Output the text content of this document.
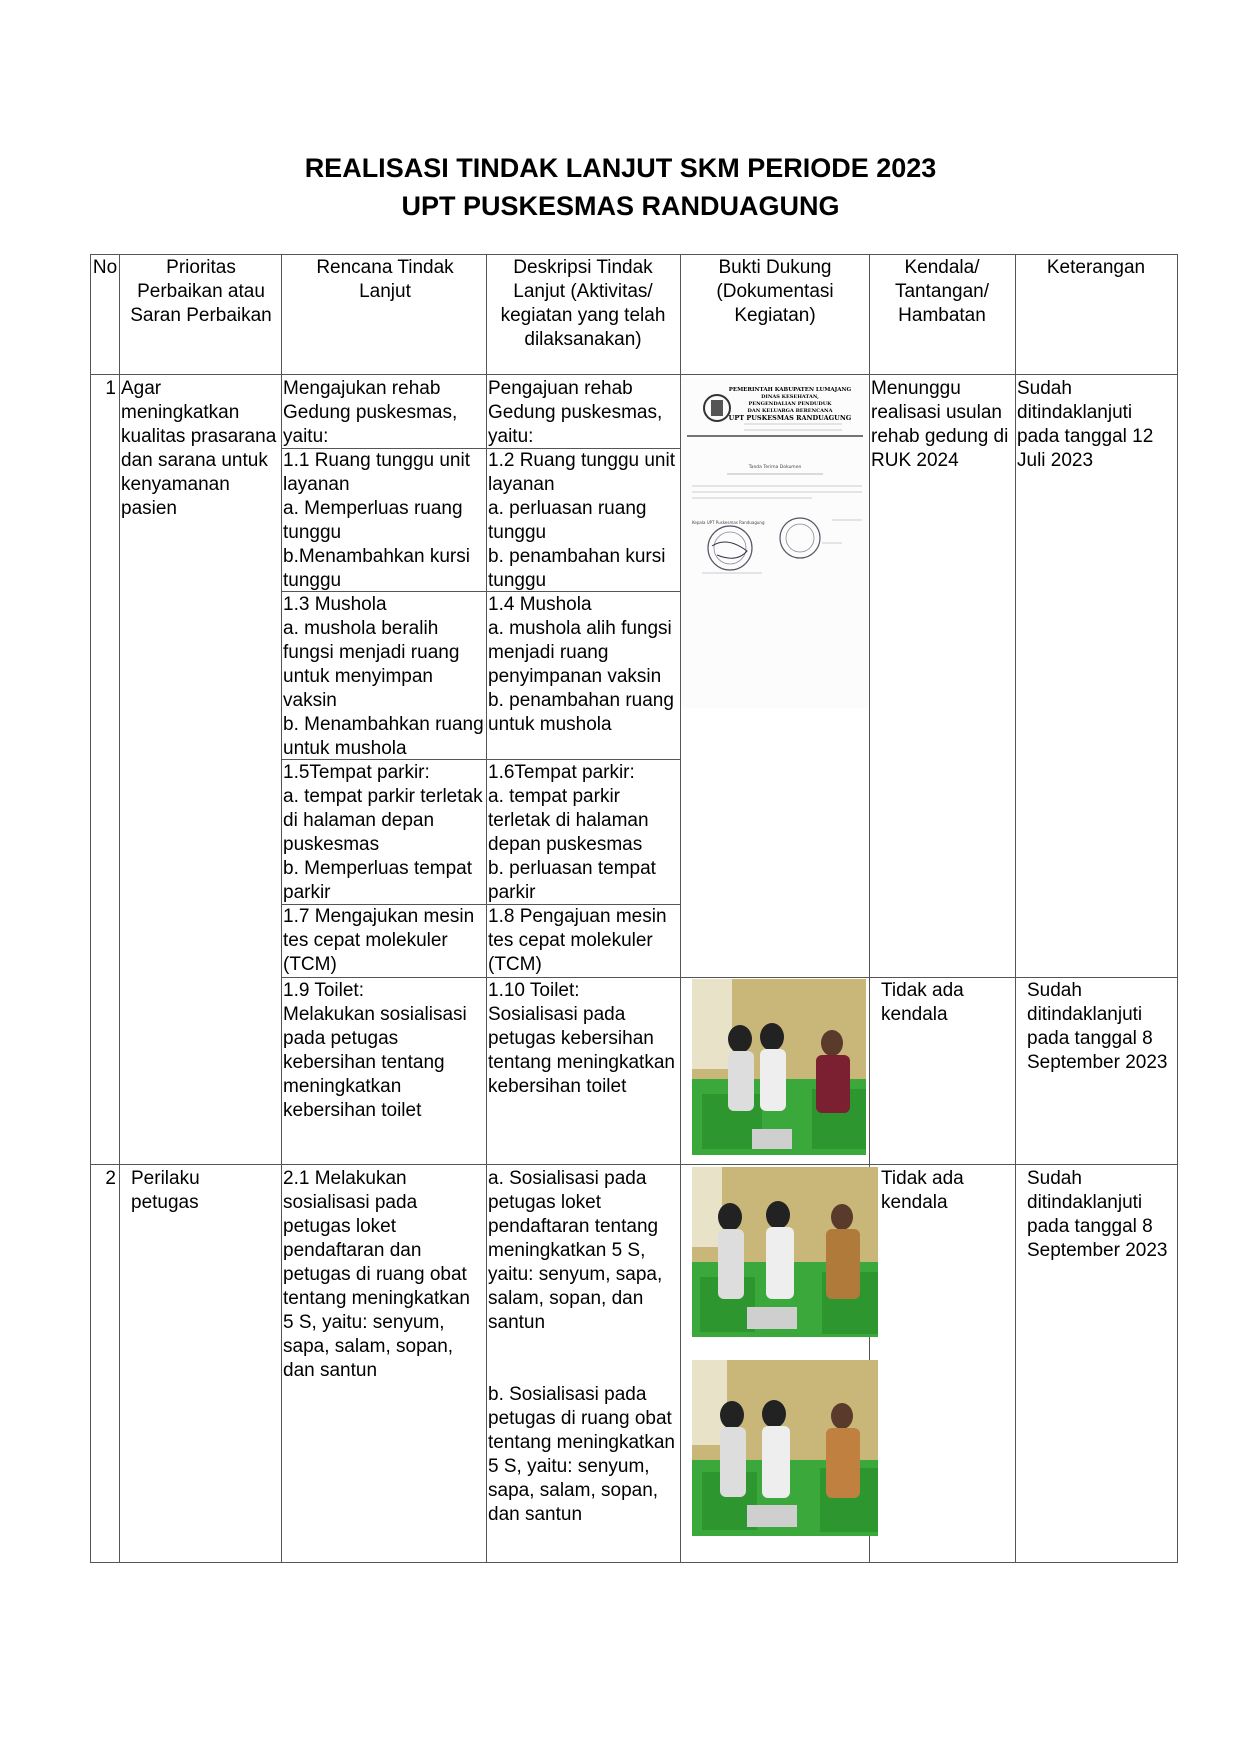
REALISASI TINDAK LANJUT SKM PERIODE 2023
UPT PUSKESMAS RANDUAGUNG
No	Prioritas Perbaikan atau Saran Perbaikan
Rencana Tindak Lanjut
Deskripsi Tindak Lanjut (Aktivitas/ kegiatan yang telah dilaksanakan)
Bukti Dukung (Dokumentasi Kegiatan)
Kendala/ Tantangan/ Hambatan
Keterangan
1 Agar meningkatkan kualitas prasarana dan sarana untuk kenyamanan pasien
Mengajukan rehab Gedung puskesmas, yaitu:
1.1 Ruang tunggu unit layanan
a. Memperluas ruang tunggu
b.Menambahkan kursi tunggu
1.3 Mushola
a. mushola beralih fungsi menjadi ruang untuk menyimpan vaksin
b. Menambahkan ruang untuk mushola
1.5Tempat parkir:
a. tempat parkir terletak di halaman depan puskesmas
b. Memperluas tempat parkir
1.7 Mengajukan mesin tes cepat molekuler (TCM)
1.9 Toilet:
Melakukan sosialisasi pada petugas kebersihan tentang meningkatkan kebersihan toilet
Pengajuan rehab Gedung puskesmas, yaitu:
1.2 Ruang tunggu unit layanan
a. perluasan ruang tunggu
b. penambahan kursi tunggu
1.4 Mushola
a. mushola alih fungsi menjadi ruang penyimpanan vaksin
b. penambahan ruang untuk mushola
1.6Tempat parkir:
a. tempat parkir terletak di halaman depan puskesmas
b. perluasan tempat parkir
1.8 Pengajuan mesin tes cepat molekuler (TCM)
1.10 Toilet:
Sosialisasi pada petugas kebersihan tentang meningkatkan kebersihan toilet
PEMERINTAH KABUPATEN LUMAJANG
DINAS KESEHATAN,
PENGENDALIAN PENDUDUK
DAN KELUARGA BERENCANA
UPT PUSKESMAS RANDUAGUNG
Tanda Terima Dokumen
Kepala UPT Puskesmas Randuagung
Menunggu realisasi usulan rehab gedung di RUK 2024
Sudah ditindaklanjuti pada tanggal 12 Juli 2023
Tidak ada kendala
Sudah ditindaklanjuti pada tanggal 8 September 2023
2 Perilaku petugas
2.1 Melakukan sosialisasi pada petugas loket pendaftaran dan petugas di ruang obat tentang meningkatkan 5 S, yaitu: senyum, sapa, salam, sopan, dan santun
a. Sosialisasi pada petugas loket pendaftaran tentang meningkatkan 5 S, yaitu: senyum, sapa, salam, sopan, dan santun
b. Sosialisasi pada petugas di ruang obat tentang meningkatkan 5 S, yaitu: senyum, sapa, salam, sopan, dan santun
Tidak ada kendala
Sudah ditindaklanjuti pada tanggal 8 September 2023
